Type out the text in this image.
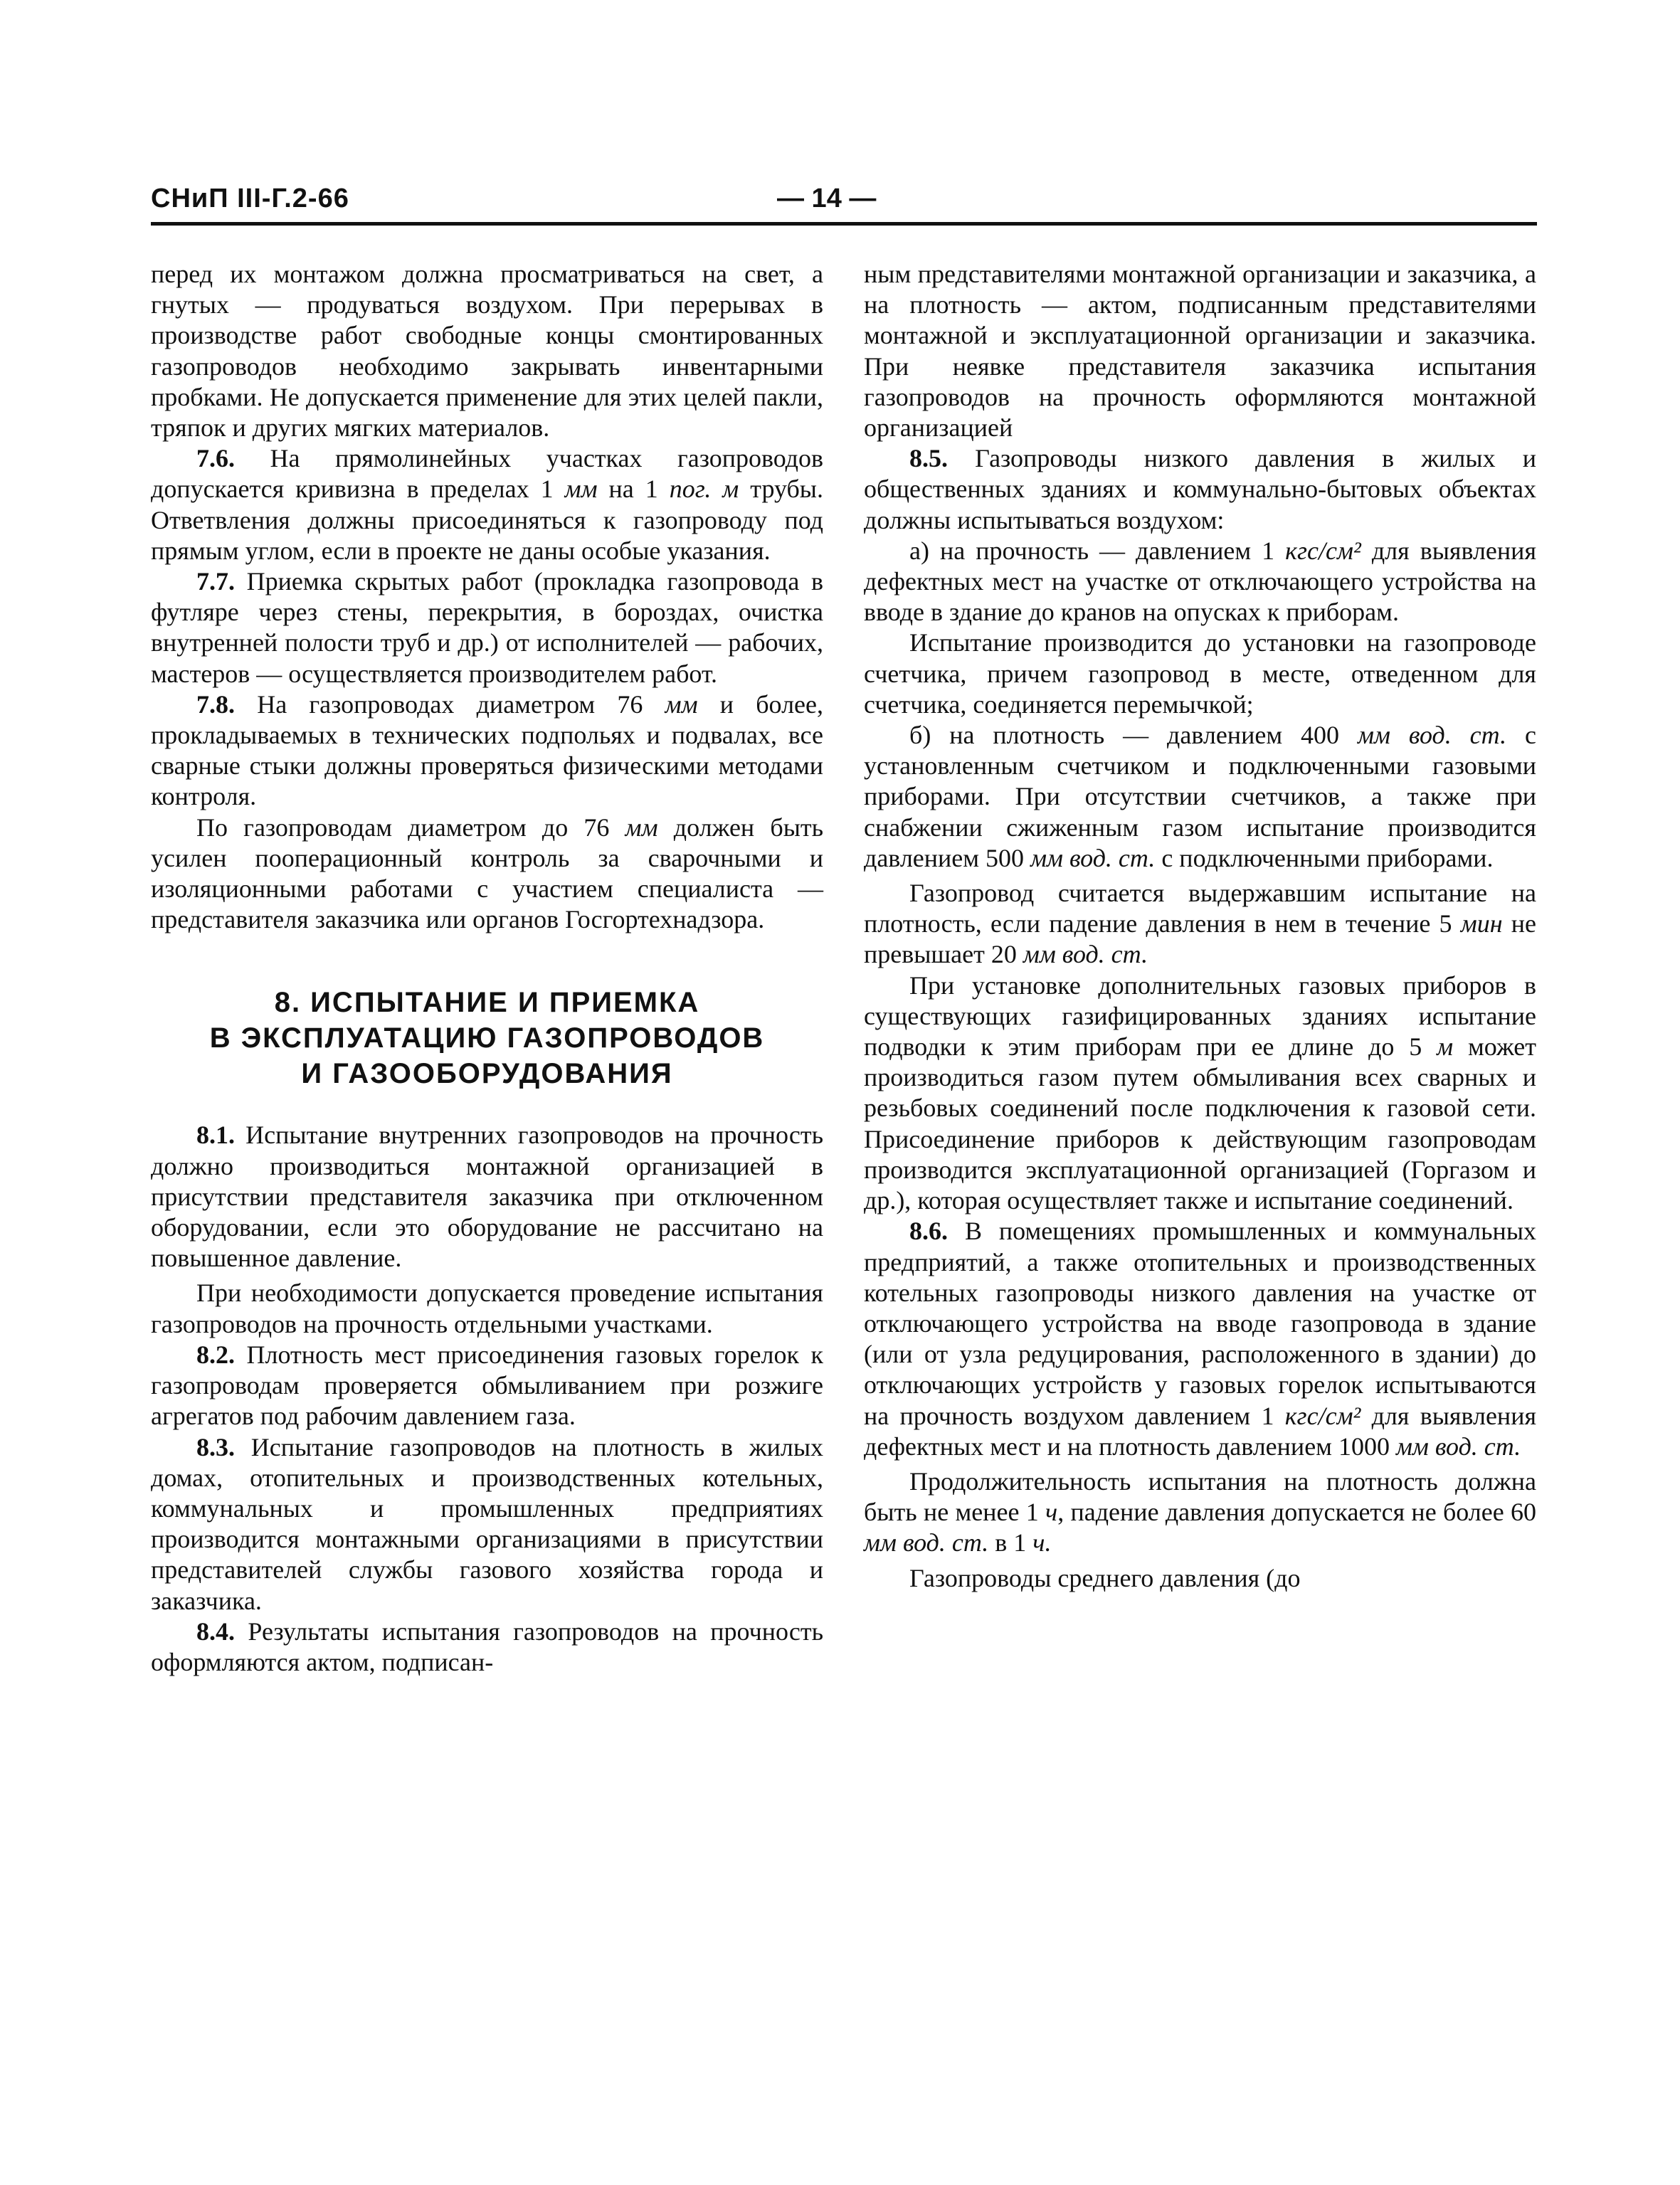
СНиП III-Г.2-66	— 14 —

перед их монтажом должна просматриваться на свет, а гнутых — продуваться воздухом. При перерывах в производстве работ свободные концы смонтированных газопроводов необходимо закрывать инвентарными пробками. Не допускается применение для этих целей пакли, тряпок и других мягких материалов.

7.6. На прямолинейных участках газопроводов допускается кривизна в пределах 1 мм на 1 пог. м трубы. Ответвления должны присоединяться к газопроводу под прямым углом, если в проекте не даны особые указания.

7.7. Приемка скрытых работ (прокладка газопровода в футляре через стены, перекрытия, в бороздах, очистка внутренней полости труб и др.) от исполнителей — рабочих, мастеров — осуществляется производителем работ.

7.8. На газопроводах диаметром 76 мм и более, прокладываемых в технических подпольях и подвалах, все сварные стыки должны проверяться физическими методами контроля.

По газопроводам диаметром до 76 мм должен быть усилен пооперационный контроль за сварочными и изоляционными работами с участием специалиста — представителя заказчика или органов Госгортехнадзора.

8. ИСПЫТАНИЕ И ПРИЕМКА
В ЭКСПЛУАТАЦИЮ ГАЗОПРОВОДОВ
И ГАЗООБОРУДОВАНИЯ

8.1. Испытание внутренних газопроводов на прочность должно производиться монтажной организацией в присутствии представителя заказчика при отключенном оборудовании, если это оборудование не рассчитано на повышенное давление.

При необходимости допускается проведение испытания газопроводов на прочность отдельными участками.

8.2. Плотность мест присоединения газовых горелок к газопроводам проверяется обмыливанием при розжиге агрегатов под рабочим давлением газа.

8.3. Испытание газопроводов на плотность в жилых домах, отопительных и производственных котельных, коммунальных и промышленных предприятиях производится монтажными организациями в присутствии представителей службы газового хозяйства города и заказчика.

8.4. Результаты испытания газопроводов на прочность оформляются актом, подписан-

ным представителями монтажной организации и заказчика, а на плотность — актом, подписанным представителями монтажной и эксплуатационной организации и заказчика. При неявке представителя заказчика испытания газопроводов на прочность оформляются монтажной организацией

8.5. Газопроводы низкого давления в жилых и общественных зданиях и коммунально-бытовых объектах должны испытываться воздухом:

а) на прочность — давлением 1 кгс/см² для выявления дефектных мест на участке от отключающего устройства на вводе в здание до кранов на опусках к приборам.

Испытание производится до установки на газопроводе счетчика, причем газопровод в месте, отведенном для счетчика, соединяется перемычкой;

б) на плотность — давлением 400 мм вод. ст. с установленным счетчиком и подключенными газовыми приборами. При отсутствии счетчиков, а также при снабжении сжиженным газом испытание производится давлением 500 мм вод. ст. с подключенными приборами.

Газопровод считается выдержавшим испытание на плотность, если падение давления в нем в течение 5 мин не превышает 20 мм вод. ст.

При установке дополнительных газовых приборов в существующих газифицированных зданиях испытание подводки к этим приборам при ее длине до 5 м может производиться газом путем обмыливания всех сварных и резьбовых соединений после подключения к газовой сети. Присоединение приборов к действующим газопроводам производится эксплуатационной организацией (Горгазом и др.), которая осуществляет также и испытание соединений.

8.6. В помещениях промышленных и коммунальных предприятий, а также отопительных и производственных котельных газопроводы низкого давления на участке от отключающего устройства на вводе газопровода в здание (или от узла редуцирования, расположенного в здании) до отключающих устройств у газовых горелок испытываются на прочность воздухом давлением 1 кгс/см² для выявления дефектных мест и на плотность давлением 1000 мм вод. ст.

Продолжительность испытания на плотность должна быть не менее 1 ч, падение давления допускается не более 60 мм вод. ст. в 1 ч.

Газопроводы среднего давления (до
